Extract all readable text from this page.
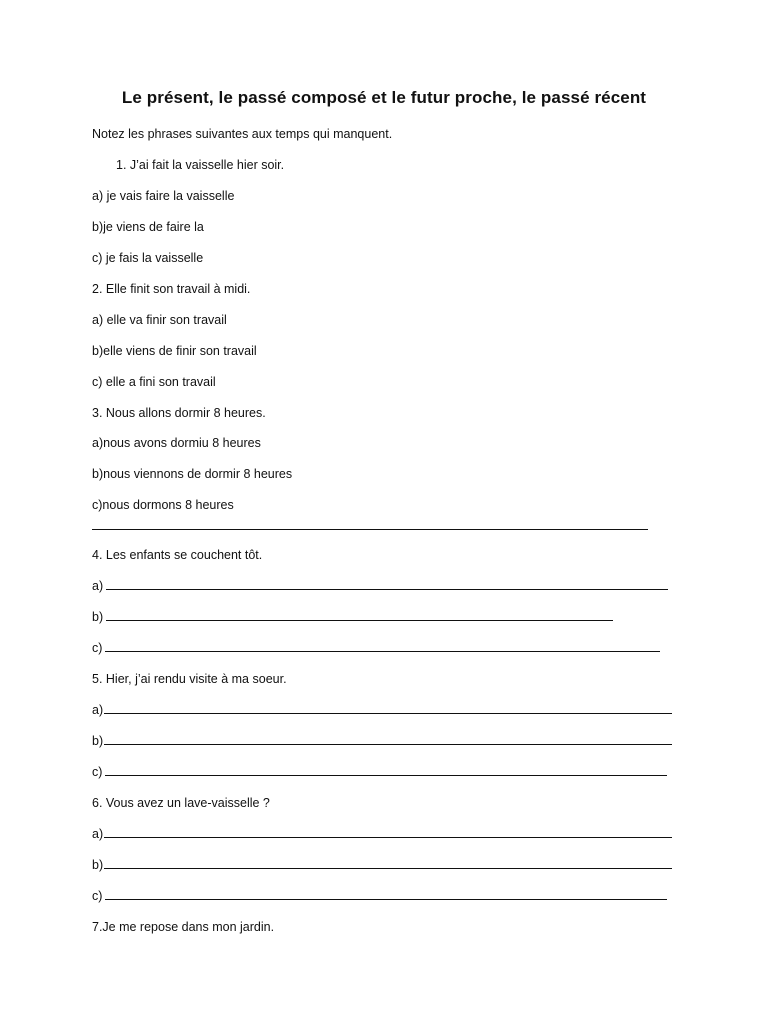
Le présent, le passé composé et le futur proche, le passé récent
Notez les phrases suivantes aux temps qui manquent.
1. J’ai fait la vaisselle hier soir.
a) je vais faire la vaisselle
b)je viens de faire la
c) je fais la vaisselle
2. Elle finit son travail à midi.
a) elle va finir son travail
b)elle viens de finir son travail
c) elle a fini son travail
3. Nous allons dormir 8 heures.
a)nous avons dormiu 8 heures
b)nous viennons de dormir 8 heures
c)nous dormons 8 heures
4. Les enfants se couchent tôt.
a)
b)
c)
5. Hier, j’ai rendu visite à ma soeur.
a)
b)
c)
6. Vous avez un lave-vaisselle ?
a)
b)
c)
7.Je me repose dans mon jardin.
